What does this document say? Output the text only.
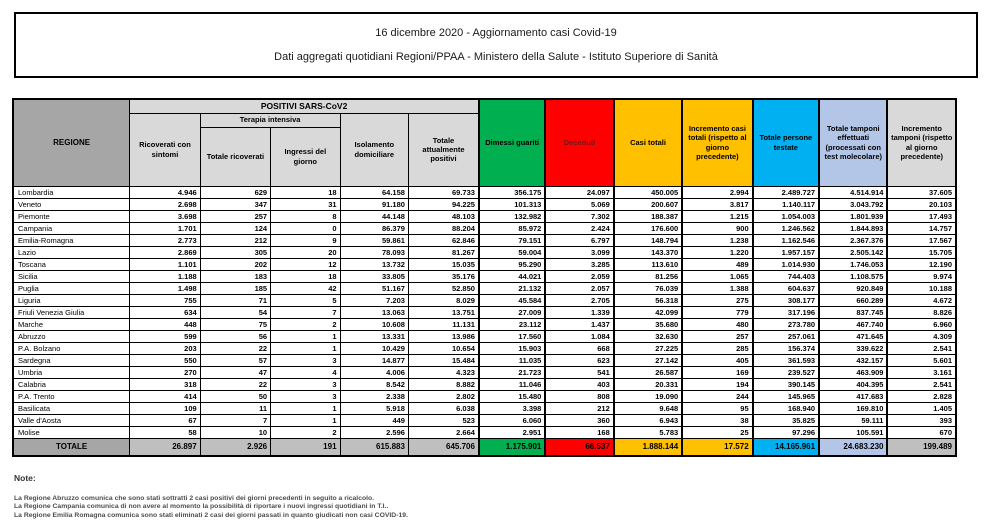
16 dicembre 2020 - Aggiornamento casi Covid-19
Dati aggregati quotidiani Regioni/PPAA - Ministero della Salute - Istituto Superiore di Sanità
REGIONE	POSITIVI SARS-CoV2					Dimessi guariti	Deceduti	Casi totali	Incremento casi totali (rispetto al giorno precedente)	Totale persone testate	Totale tamponi effettuati (processati con test molecolare)	Incremento tamponi (rispetto al giorno precedente)
	Ricoverati con sintomi	Terapia intensiva		Isolamento domiciliare	Totale attualmente positivi							
		Totale ricoverati	Ingressi del giorno									
Lombardia	4.946	629	18	64.158	69.733	356.175	24.097	450.005	2.994	2.489.727	4.514.914	37.605
Veneto	2.698	347	31	91.180	94.225	101.313	5.069	200.607	3.817	1.140.117	3.043.792	20.103
Piemonte	3.698	257	8	44.148	48.103	132.982	7.302	188.387	1.215	1.054.003	1.801.939	17.493
Campania	1.701	124	0	86.379	88.204	85.972	2.424	176.600	900	1.246.562	1.844.893	14.757
Emilia-Romagna	2.773	212	9	59.861	62.846	79.151	6.797	148.794	1.238	1.162.546	2.367.376	17.567
Lazio	2.869	305	20	78.093	81.267	59.004	3.099	143.370	1.220	1.957.157	2.505.142	15.705
Toscana	1.101	202	12	13.732	15.035	95.290	3.285	113.610	489	1.014.930	1.746.053	12.190
Sicilia	1.188	183	18	33.805	35.176	44.021	2.059	81.256	1.065	744.403	1.108.575	9.974
Puglia	1.498	185	42	51.167	52.850	21.132	2.057	76.039	1.388	604.637	920.849	10.188
Liguria	755	71	5	7.203	8.029	45.584	2.705	56.318	275	308.177	660.289	4.672
Friuli Venezia Giulia	634	54	7	13.063	13.751	27.009	1.339	42.099	779	317.196	837.745	8.826
Marche	448	75	2	10.608	11.131	23.112	1.437	35.680	480	273.780	467.740	6.960
Abruzzo	599	56	1	13.331	13.986	17.560	1.084	32.630	257	257.061	471.645	4.309
P.A. Bolzano	203	22	1	10.429	10.654	15.903	668	27.225	285	156.374	339.622	2.541
Sardegna	550	57	3	14.877	15.484	11.035	623	27.142	405	361.593	432.157	5.601
Umbria	270	47	4	4.006	4.323	21.723	541	26.587	169	239.527	463.909	3.161
Calabria	318	22	3	8.542	8.882	11.046	403	20.331	194	390.145	404.395	2.541
P.A. Trento	414	50	3	2.338	2.802	15.480	808	19.090	244	145.965	417.683	2.828
Basilicata	109	11	1	5.918	6.038	3.398	212	9.648	95	168.940	169.810	1.405
Valle d'Aosta	67	7	1	449	523	6.060	360	6.943	38	35.825	59.111	393
Molise	58	10	2	2.596	2.664	2.951	168	5.783	25	97.296	105.591	670
TOTALE	26.897	2.926	191	615.883	645.706	1.175.901	66.537	1.888.144	17.572	14.165.961	24.683.230	199.489
Note:
La Regione Abruzzo comunica che sono stati sottratti 2 casi positivi dei giorni precedenti in seguito a ricalcolo.
La Regione Campania comunica di non avere al momento la possibilità di riportare i nuovi ingressi quotidiani in T.I..
La Regione Emilia Romagna comunica sono stati eliminati 2 casi dei giorni passati in quanto giudicati non casi COVID-19.
